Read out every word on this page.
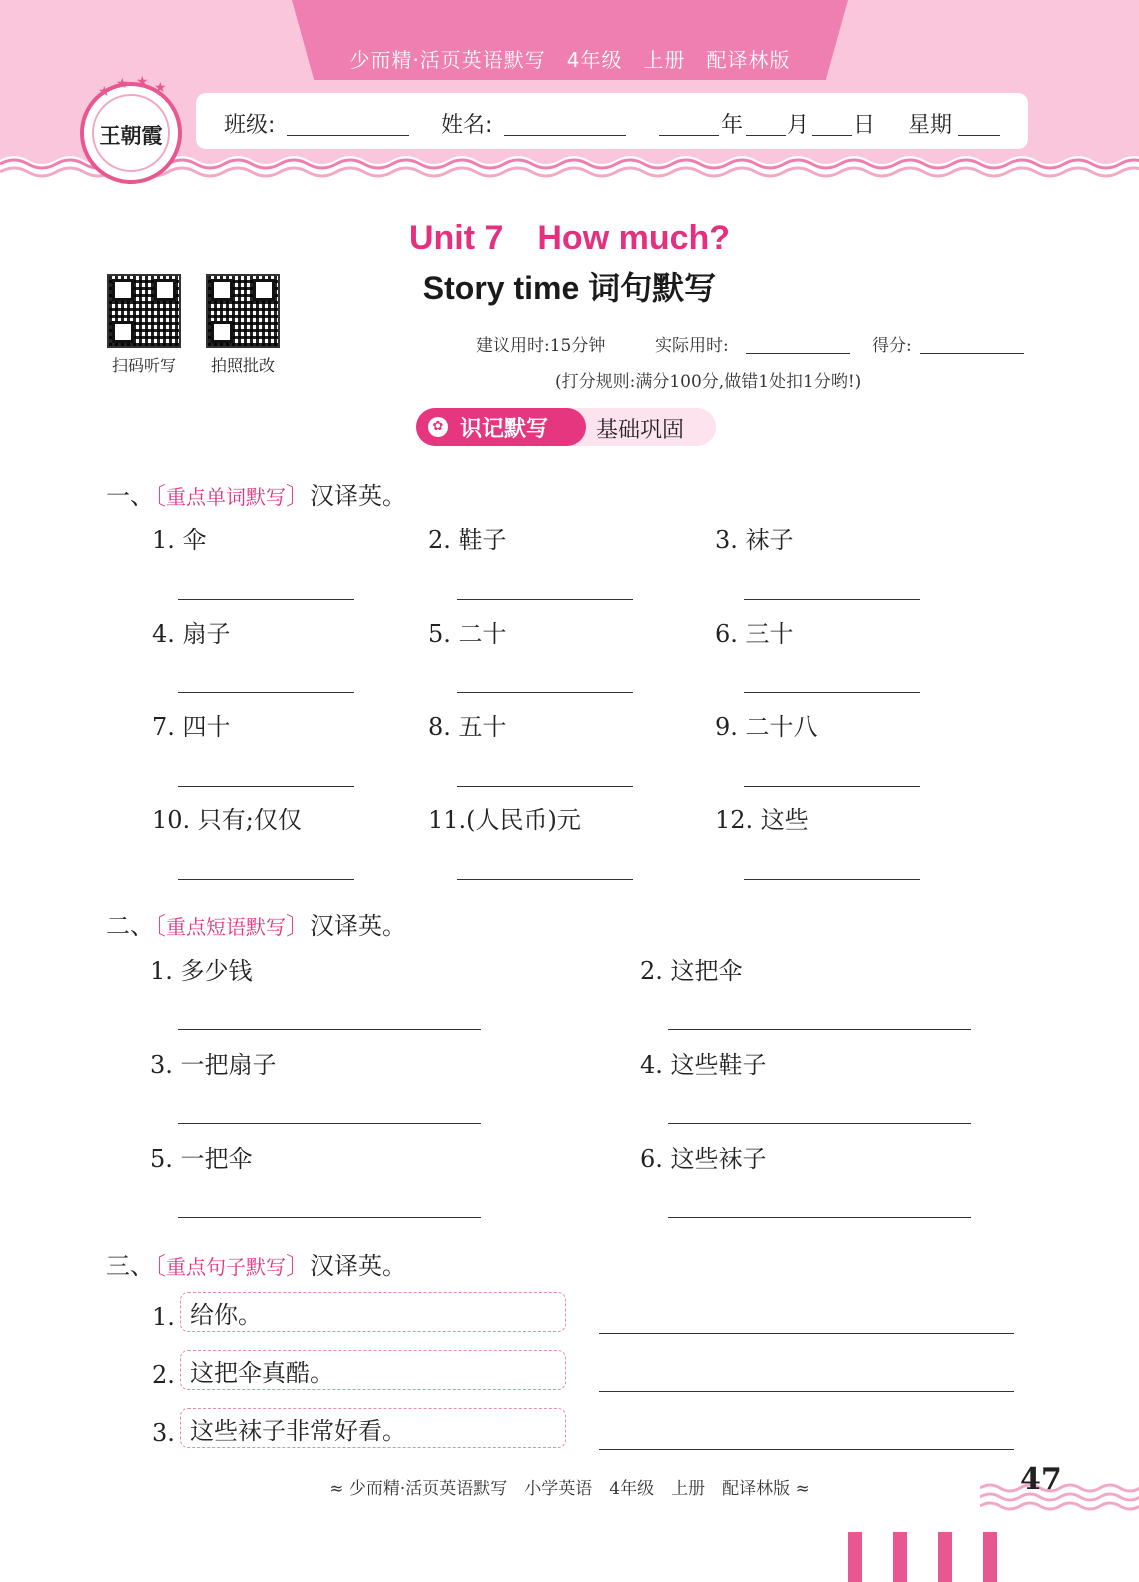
少而精·活页英语默写　4年级　上册　配译林版
★ ★ ★ ★
王朝霞	班级:	姓名:	年 月 日 星期
Unit 7　How much?
Story time 词句默写
扫码听写	拍照批改
建议用时:15分钟	实际用时:	得分:
(打分规则:满分100分,做错1处扣1分哟!)
✿ 识记默写 基础巩固
一、〔重点单词默写〕汉译英。
1. 伞	2. 鞋子	3. 袜子
4. 扇子	5. 二十	6. 三十
7. 四十	8. 五十	9. 二十八
10. 只有;仅仅	11.(人民币)元	12. 这些
二、〔重点短语默写〕汉译英。
1. 多少钱	2. 这把伞
3. 一把扇子	4. 这些鞋子
5. 一把伞	6. 这些袜子
三、〔重点句子默写〕汉译英。
1. 给你。
2. 这把伞真酷。
3. 这些袜子非常好看。
≈ 少而精·活页英语默写　小学英语　4年级　上册　配译林版 ≈	47
